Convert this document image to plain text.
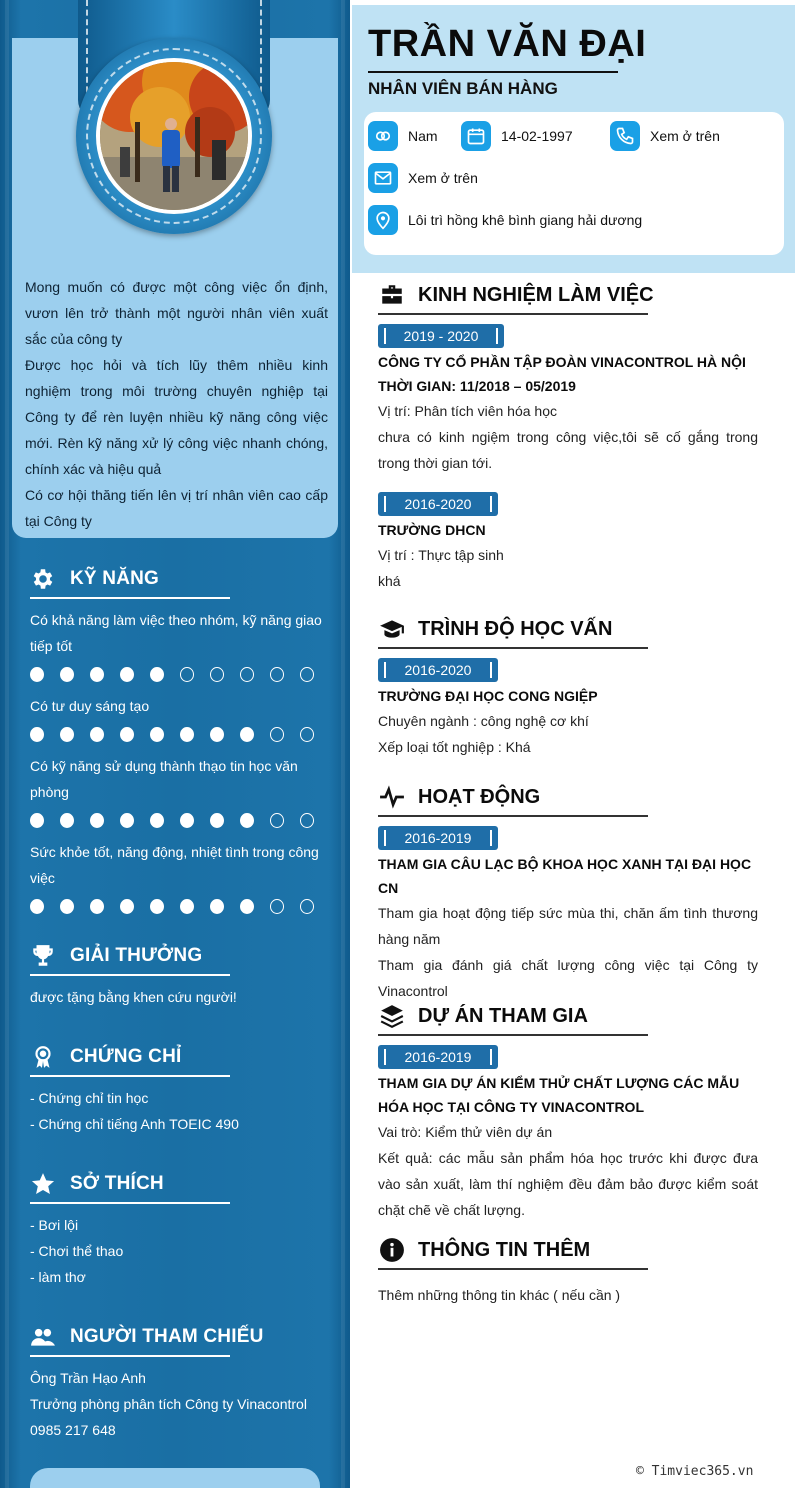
Mong muốn có được một công việc ổn định, vươn lên trở thành một người nhân viên xuất sắc của công ty

Được học hỏi và tích lũy thêm nhiều kinh nghiệm trong môi trường chuyên nghiệp tại Công ty để rèn luyện nhiều kỹ năng công việc mới. Rèn kỹ năng xử lý công việc nhanh chóng, chính xác và hiệu quả

Có cơ hội thăng tiến lên vị trí nhân viên cao cấp tại Công ty

KỸ NĂNG
Có khả năng làm việc theo nhóm, kỹ năng giao tiếp tốt
Có tư duy sáng tạo
Có kỹ năng sử dụng thành thạo tin học văn phòng
Sức khỏe tốt, năng động, nhiệt tình trong công việc
GIẢI THƯỞNG
được tặng bằng khen cứu người!
CHỨNG CHỈ
- Chứng chỉ tin học
- Chứng chỉ tiếng Anh TOEIC 490
SỞ THÍCH
- Bơi lội
- Chơi thể thao
- làm thơ
NGƯỜI THAM CHIẾU
Ông Trần Hạo Anh
Trưởng phòng phân tích Công ty Vinacontrol
0985 217 648
TRẦN VĂN ĐẠI
NHÂN VIÊN BÁN HÀNG
Nam	14-02-1997	Xem ở trên
Xem ở trên
Lôi trì hồng khê bình giang hải dương
KINH NGHIỆM LÀM VIỆC
2019 - 2020
CÔNG TY CỔ PHẦN TẬP ĐOÀN VINACONTROL HÀ NỘI THỜI GIAN: 11/2018 – 05/2019
Vị trí: Phân tích viên hóa học
chưa có kinh ngiệm trong công việc,tôi sẽ cố gắng trong trong thời gian tới.
2016-2020
TRƯỜNG DHCN
Vị trí : Thực tập sinh
khá
TRÌNH ĐỘ HỌC VẤN
2016-2020
TRƯỜNG ĐẠI HỌC CONG NGIỆP
Chuyên ngành : công nghệ cơ khí
Xếp loại tốt nghiệp : Khá
HOẠT ĐỘNG
2016-2019
THAM GIA CÂU LẠC BỘ KHOA HỌC XANH TẠI ĐẠI HỌC CN
Tham gia hoạt động tiếp sức mùa thi, chăn ấm tình thương hàng năm
Tham gia đánh giá chất lượng công việc tại Công ty Vinacontrol
DỰ ÁN THAM GIA
2016-2019
THAM GIA DỰ ÁN KIỂM THỬ CHẤT LƯỢNG CÁC MẪU HÓA HỌC TẠI CÔNG TY VINACONTROL
Vai trò: Kiểm thử viên dự án
Kết quả: các mẫu sản phẩm hóa học trước khi được đưa vào sản xuất, làm thí nghiệm đều đảm bảo được kiểm soát chặt chẽ về chất lượng.
THÔNG TIN THÊM
Thêm những thông tin khác ( nếu cần )
© Timviec365.vn
